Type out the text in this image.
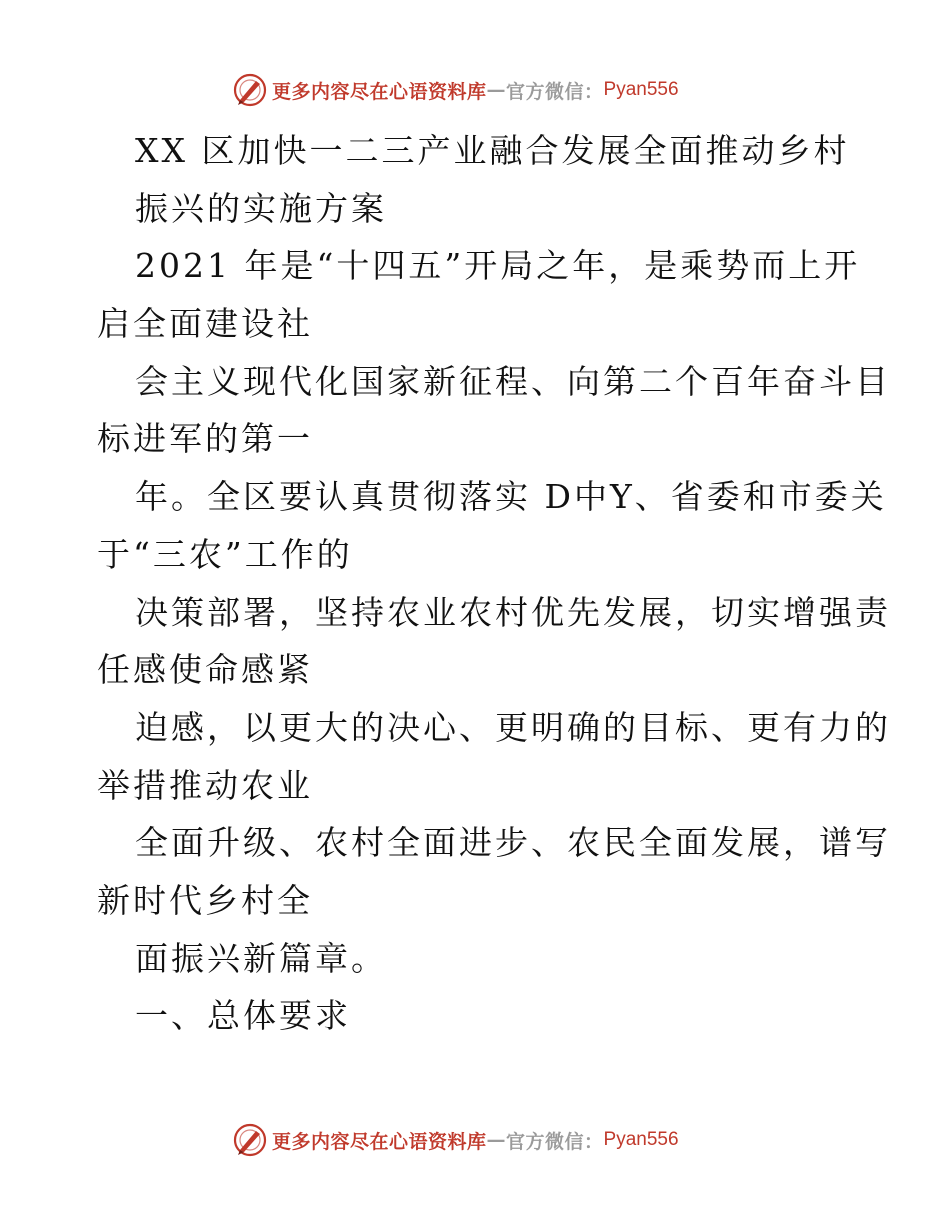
更多内容尽在心语资料库 — 官方微信： Pyan556
XX 区加快一二三产业融合发展全面推动乡村
振兴的实施方案
2021 年是“十四五”开局之年，是乘势而上开
启全面建设社
会主义现代化国家新征程、向第二个百年奋斗目
标进军的第一
年。全区要认真贯彻落实 D中Y、省委和市委关
于“三农”工作的
决策部署，坚持农业农村优先发展，切实增强责
任感使命感紧
迫感，以更大的决心、更明确的目标、更有力的
举措推动农业
全面升级、农村全面进步、农民全面发展，谱写
新时代乡村全
面振兴新篇章。
一、总体要求
更多内容尽在心语资料库 — 官方微信： Pyan556
